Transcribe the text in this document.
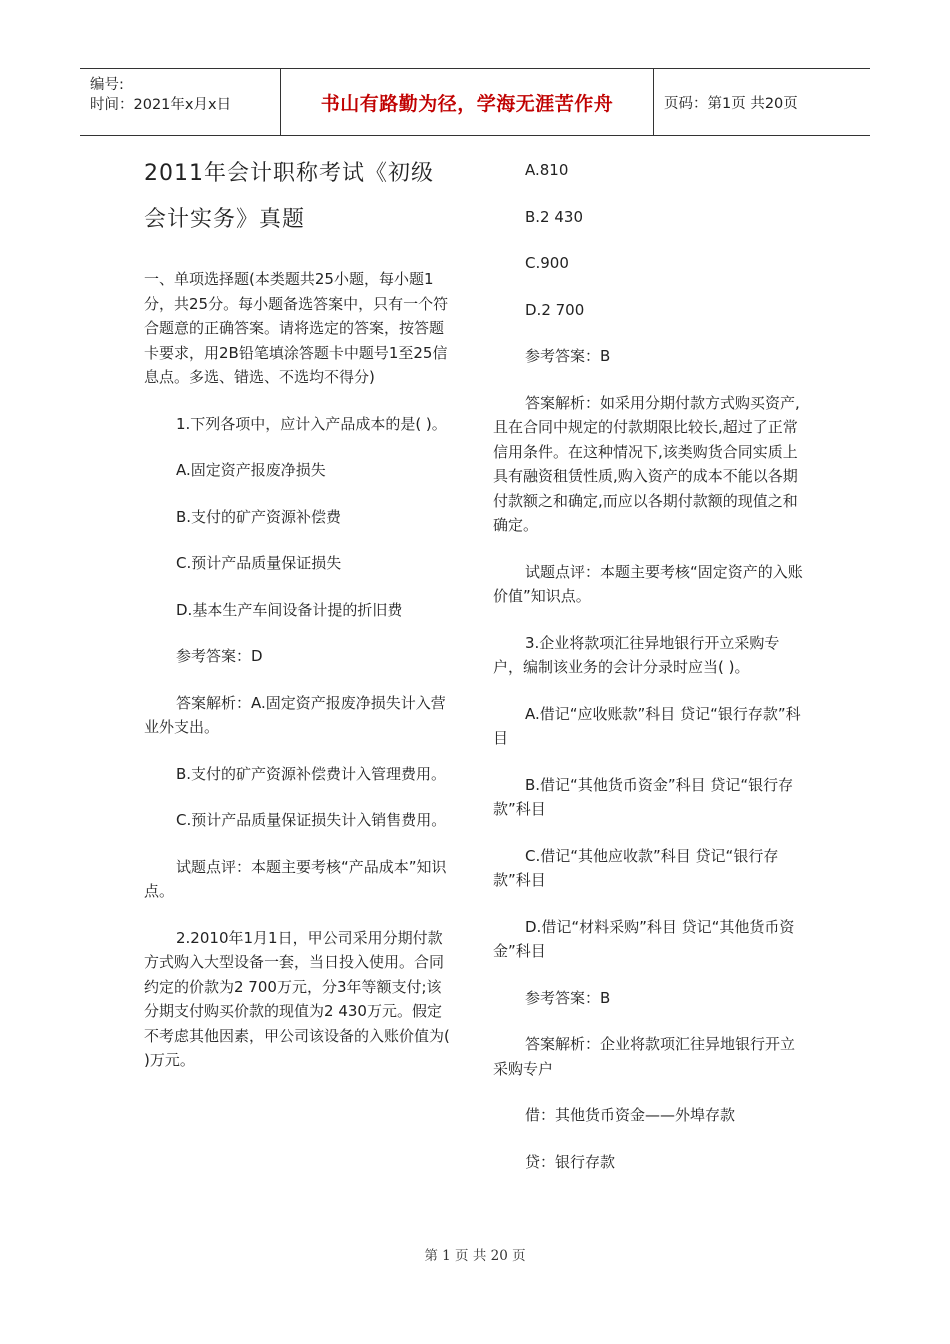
编号:
时间：2021年x月x日	书山有路勤为径，学海无涯苦作舟	页码：第1页 共20页
2011年会计职称考试《初级
会计实务》真题

一、单项选择题(本类题共25小题，每小题1分，共25分。每小题备选答案中，只有一个符合题意的正确答案。请将选定的答案，按答题卡要求，用2B铅笔填涂答题卡中题号1至25信息点。多选、错选、不选均不得分)

1.下列各项中，应计入产品成本的是( )。

A.固定资产报废净损失

B.支付的矿产资源补偿费

C.预计产品质量保证损失

D.基本生产车间设备计提的折旧费

参考答案：D

答案解析：A.固定资产报废净损失计入营业外支出。

B.支付的矿产资源补偿费计入管理费用。

C.预计产品质量保证损失计入销售费用。

试题点评：本题主要考核“产品成本”知识点。

2.2010年1月1日，甲公司采用分期付款方式购入大型设备一套，当日投入使用。合同约定的价款为2 700万元，分3年等额支付;该分期支付购买价款的现值为2 430万元。假定不考虑其他因素，甲公司该设备的入账价值为( )万元。

A.810

B.2 430

C.900

D.2 700

参考答案：B

答案解析：如采用分期付款方式购买资产,且在合同中规定的付款期限比较长,超过了正常信用条件。在这种情况下,该类购货合同实质上具有融资租赁性质,购入资产的成本不能以各期付款额之和确定,而应以各期付款额的现值之和确定。

试题点评：本题主要考核“固定资产的入账价值”知识点。

3.企业将款项汇往异地银行开立采购专户，编制该业务的会计分录时应当( )。

A.借记“应收账款”科目 贷记“银行存款”科目

B.借记“其他货币资金”科目 贷记“银行存款”科目

C.借记“其他应收款”科目 贷记“银行存款”科目

D.借记“材料采购”科目 贷记“其他货币资金”科目

参考答案：B

答案解析：企业将款项汇往异地银行开立采购专户

借：其他货币资金——外埠存款

贷：银行存款

第 1 页 共 20 页
